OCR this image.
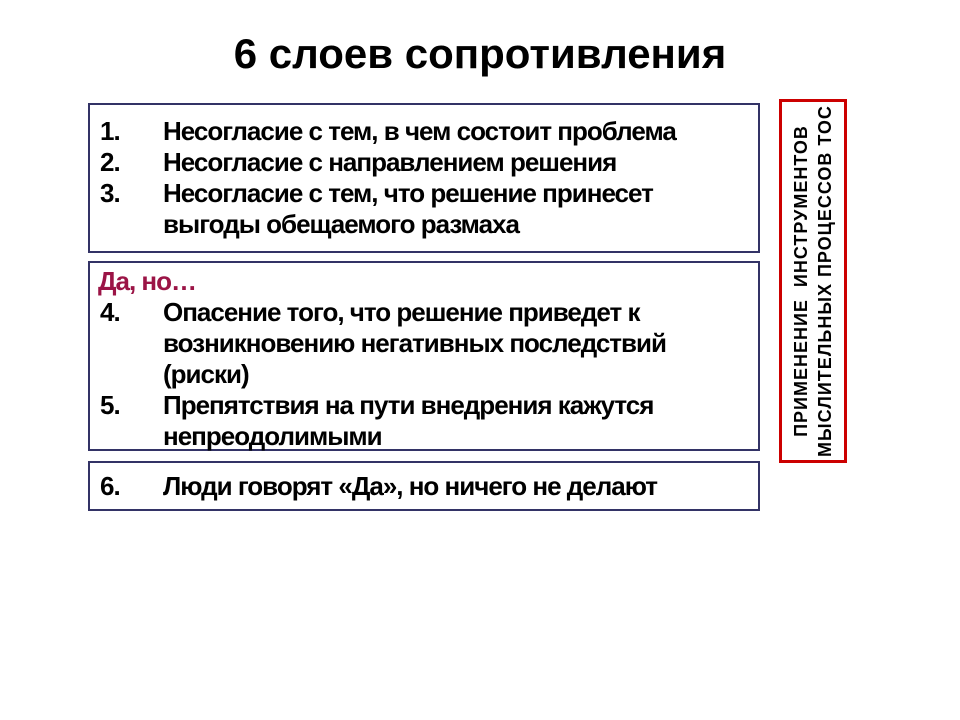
6 слоев сопротивления
1.	Несогласие с тем, в чем состоит проблема
2.	Несогласие с направлением решения
3.	Несогласие с тем, что решение принесет выгоды обещаемого размаха
Да, но…
4.	Опасение того, что решение приведет к возникновению негативных последствий (риски)
5.	Препятствия на пути внедрения кажутся непреодолимыми
6.	Люди говорят «Да», но ничего не делают
ПРИМЕНЕНИЕ  ИНСТРУМЕНТОВ МЫСЛИТЕЛЬНЫХ ПРОЦЕССОВ ТОС
